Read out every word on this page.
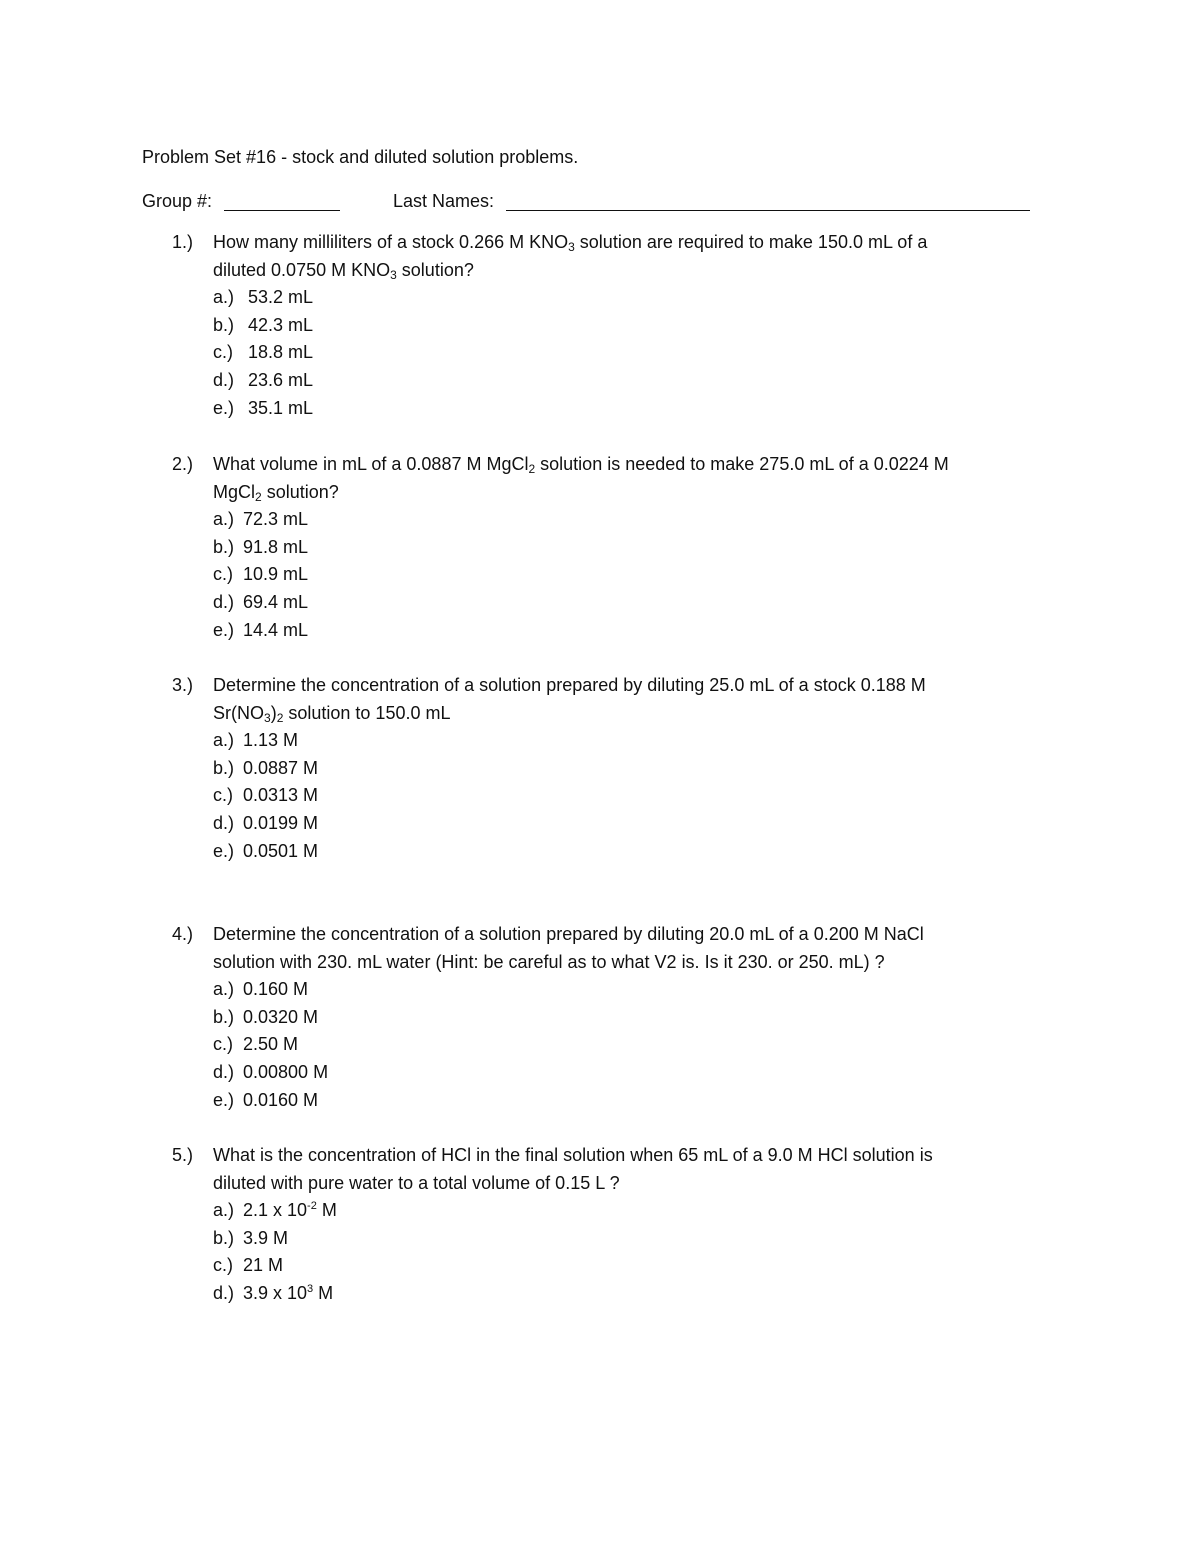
Problem Set #16 - stock and diluted solution problems.
Group #:	Last Names:
1.) How many milliliters of a stock 0.266 M $KNO_3$ solution are required to make 150.0 mL of a
diluted 0.0750 M $KNO_3$ solution?
a.) 53.2 mL
b.) 42.3 mL
c.) 18.8 mL
d.) 23.6 mL
e.) 35.1 mL
2.) What volume in mL of a 0.0887 M MgCl$_2$ solution is needed to make 275.0 mL of a 0.0224 M
MgCl$_2$ solution?
a.) 72.3 mL
b.) 91.8 mL
c.) 10.9 mL
d.) 69.4 mL
e.) 14.4 mL
3.) Determine the concentration of a solution prepared by diluting 25.0 mL of a stock 0.188 M
$Sr(NO_3)_2$ solution to 150.0 mL
a.) 1.13 M
b.) 0.0887 M
c.) 0.0313 M
d.) 0.0199 M
e.) 0.0501 M
4.) Determine the concentration of a solution prepared by diluting 20.0 mL of a 0.200 M NaCl
solution with 230. mL water (Hint: be careful as to what V2 is. Is it 230. or 250. mL) ?
a.) 0.160 M
b.) 0.0320 M
c.) 2.50 M
d.) 0.00800 M
e.) 0.0160 M
5.) What is the concentration of HCl in the final solution when 65 mL of a 9.0 M HCl solution is
diluted with pure water to a total volume of 0.15 L ?
a.) 2.1 x $10^{-2}$ M
b.) 3.9 M
c.) 21 M
d.) 3.9 x $10^3$ M
